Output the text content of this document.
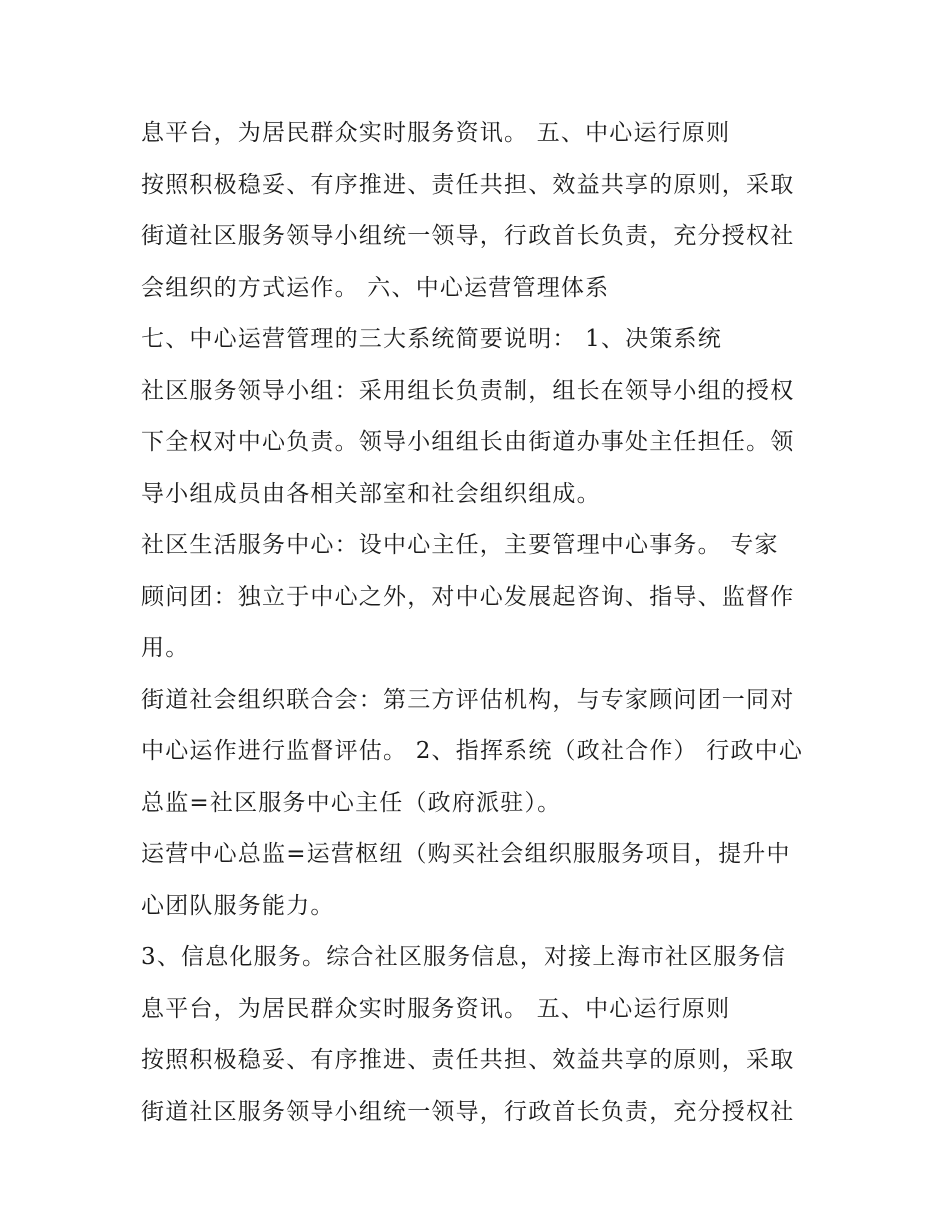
息平台，为居民群众实时服务资讯。 五、中心运行原则
按照积极稳妥、有序推进、责任共担、效益共享的原则，采取
街道社区服务领导小组统一领导，行政首长负责，充分授权社
会组织的方式运作。 六、中心运营管理体系
七、中心运营管理的三大系统简要说明： 1、决策系统
社区服务领导小组：采用组长负责制，组长在领导小组的授权
下全权对中心负责。领导小组组长由街道办事处主任担任。领
导小组成员由各相关部室和社会组织组成。
社区生活服务中心：设中心主任，主要管理中心事务。 专家
顾问团：独立于中心之外，对中心发展起咨询、指导、监督作
用。
街道社会组织联合会：第三方评估机构，与专家顾问团一同对
中心运作进行监督评估。 2、指挥系统（政社合作） 行政中心
总监=社区服务中心主任（政府派驻）。
运营中心总监=运营枢纽（购买社会组织服服务项目，提升中
心团队服务能力。
3、信息化服务。综合社区服务信息，对接上海市社区服务信
息平台，为居民群众实时服务资讯。 五、中心运行原则
按照积极稳妥、有序推进、责任共担、效益共享的原则，采取
街道社区服务领导小组统一领导，行政首长负责，充分授权社
